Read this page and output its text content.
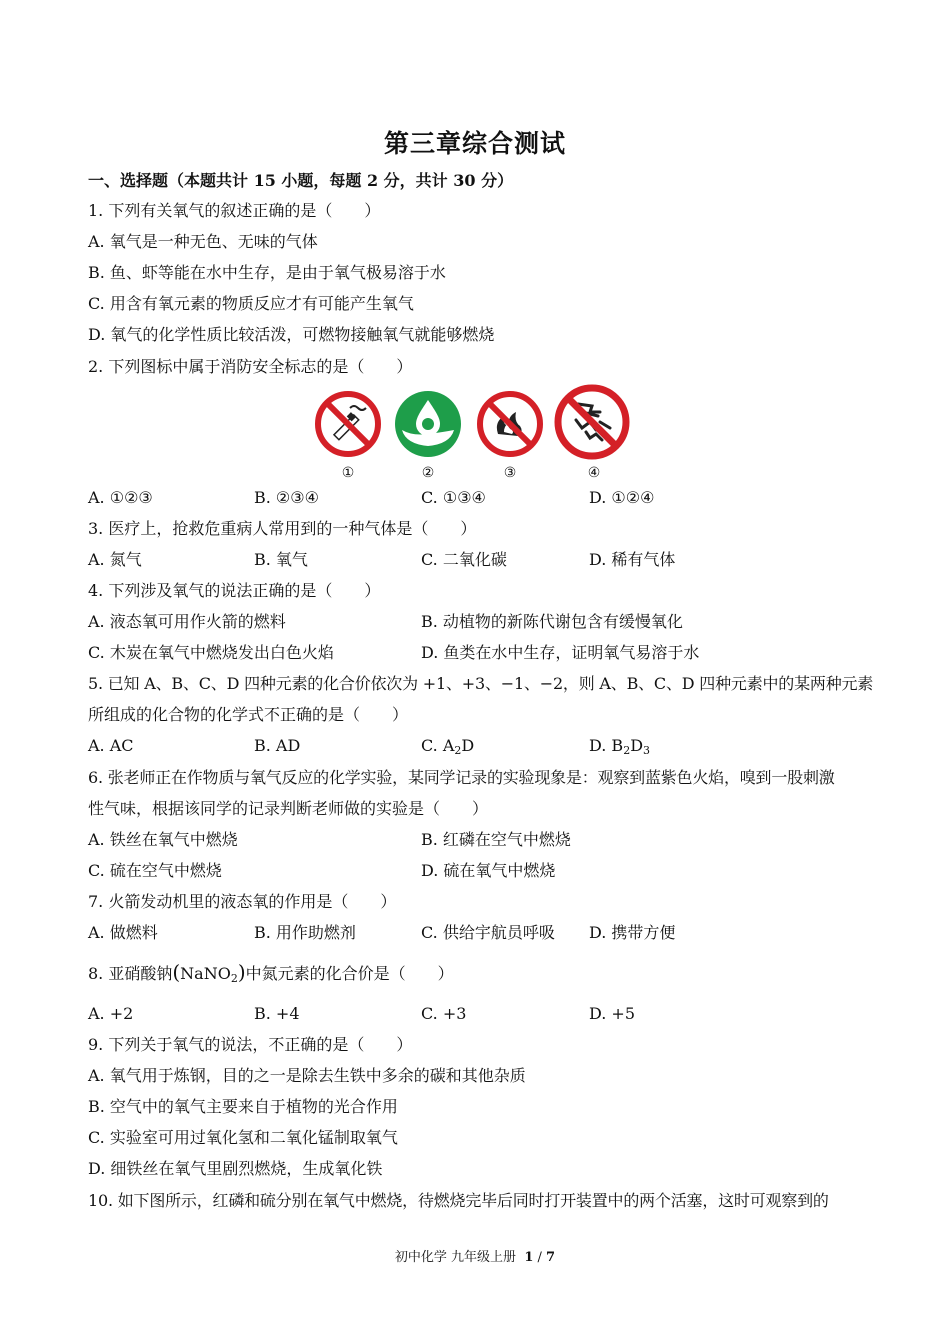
第三章综合测试
一、选择题（本题共计 15 小题，每题 2 分，共计 30 分）
1. 下列有关氧气的叙述正确的是（　　）
A. 氧气是一种无色、无味的气体
B. 鱼、虾等能在水中生存，是由于氧气极易溶于水
C. 用含有氧元素的物质反应才有可能产生氧气
D. 氧气的化学性质比较活泼，可燃物接触氧气就能够燃烧
2. 下列图标中属于消防安全标志的是（　　）
①	②	③	④
A. ①②③	B. ②③④	C. ①③④	D. ①②④
3. 医疗上，抢救危重病人常用到的一种气体是（　　）
A. 氮气	B. 氧气	C. 二氧化碳	D. 稀有气体
4. 下列涉及氧气的说法正确的是（　　）
A. 液态氧可用作火箭的燃料	B. 动植物的新陈代谢包含有缓慢氧化
C. 木炭在氧气中燃烧发出白色火焰	D. 鱼类在水中生存，证明氧气易溶于水
5. 已知 A、B、C、D 四种元素的化合价依次为 +1、+3、−1、−2，则 A、B、C、D 四种元素中的某两种元素
所组成的化合物的化学式不正确的是（　　）
A. AC	B. AD	C. $A_2D$	D. $B_2D_3$
6. 张老师正在作物质与氧气反应的化学实验，某同学记录的实验现象是：观察到蓝紫色火焰，嗅到一股刺激
性气味，根据该同学的记录判断老师做的实验是（　　）
A. 铁丝在氧气中燃烧	B. 红磷在空气中燃烧
C. 硫在空气中燃烧	D. 硫在氧气中燃烧
7. 火箭发动机里的液态氧的作用是（　　）
A. 做燃料	B. 用作助燃剂	C. 供给宇航员呼吸 D. 携带方便
8. 亚硝酸钠(NaNO$_2$)中氮元素的化合价是（　　）
A. +2	B. +4	C. +3	D. +5
9. 下列关于氧气的说法，不正确的是（　　）
A. 氧气用于炼钢，目的之一是除去生铁中多余的碳和其他杂质
B. 空气中的氧气主要来自于植物的光合作用
C. 实验室可用过氧化氢和二氧化锰制取氧气
D. 细铁丝在氧气里剧烈燃烧，生成氧化铁
10. 如下图所示，红磷和硫分别在氧气中燃烧，待燃烧完毕后同时打开装置中的两个活塞，这时可观察到的
初中化学 九年级上册 1 / 7
